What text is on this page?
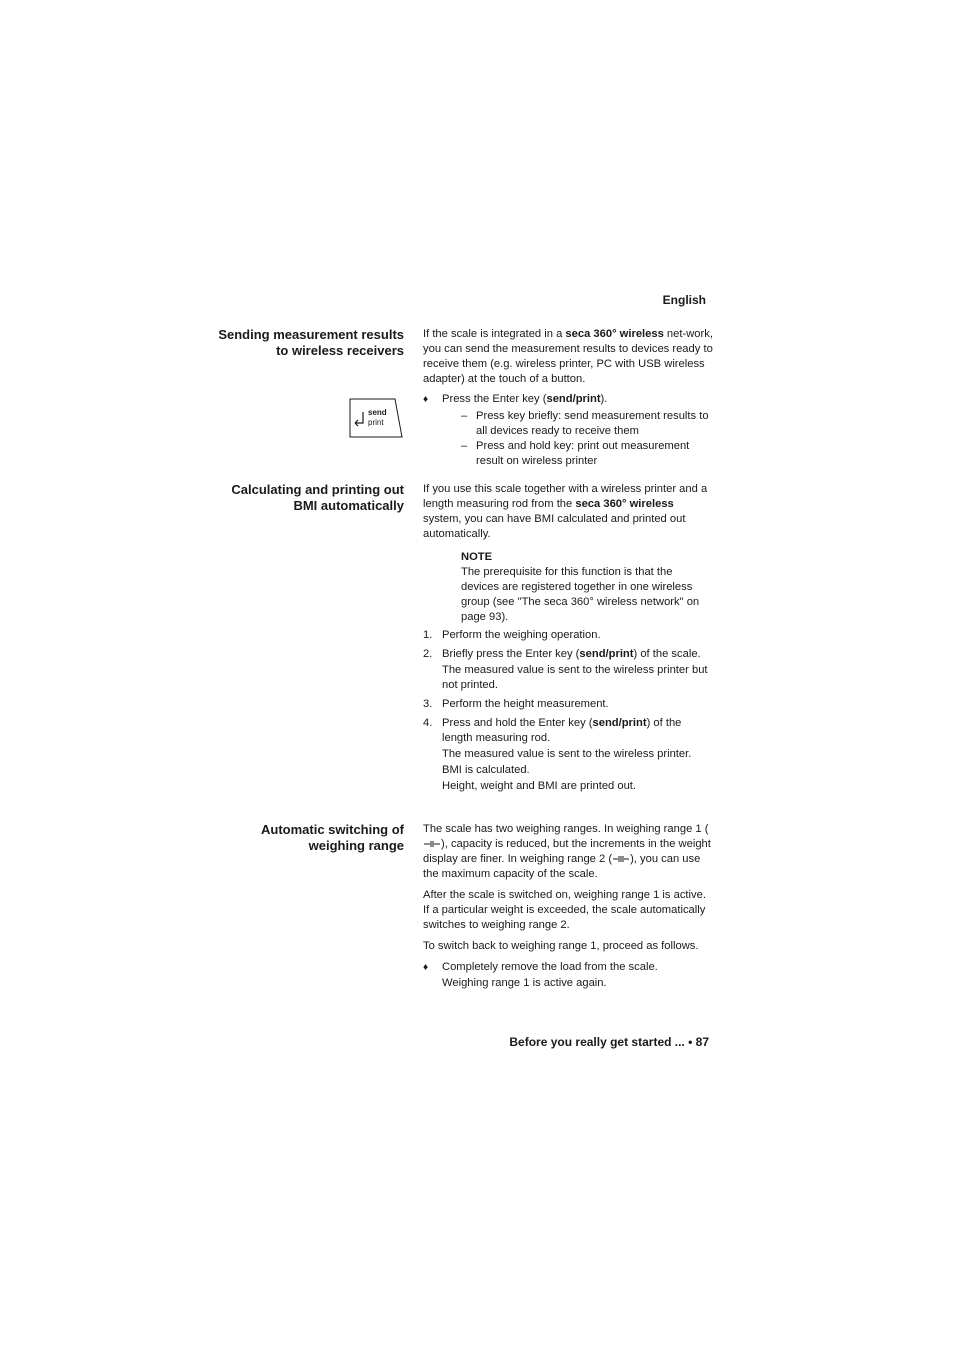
English
Sending measurement results to wireless receivers
send
print

If the scale is integrated in a seca 360° wireless net-work, you can send the measurement results to devices ready to receive them (e.g. wireless printer, PC with USB wireless adapter) at the touch of a button.

♦ Press the Enter key (send/print).
– Press key briefly: send measurement results to all devices ready to receive them
– Press and hold key: print out measurement result on wireless printer
Calculating and printing out BMI automatically

If you use this scale together with a wireless printer and a length measuring rod from the seca 360° wireless system, you can have BMI calculated and printed out automatically.

NOTE
The prerequisite for this function is that the devices are registered together in one wireless group (see "The seca 360° wireless network" on page 93).
1. Perform the weighing operation.
2. Briefly press the Enter key (send/print) of the scale.
The measured value is sent to the wireless printer but not printed.
3. Perform the height measurement.
4. Press and hold the Enter key (send/print) of the length measuring rod.
The measured value is sent to the wireless printer.
BMI is calculated.
Height, weight and BMI are printed out.
Automatic switching of weighing range

The scale has two weighing ranges. In weighing range 1 (), capacity is reduced, but the increments in the weight display are finer. In weighing range 2 ( ), you can use the maximum capacity of the scale.

After the scale is switched on, weighing range 1 is active. If a particular weight is exceeded, the scale automatically switches to weighing range 2.

To switch back to weighing range 1, proceed as follows.

♦ Completely remove the load from the scale.
Weighing range 1 is active again.
Before you really get started ... • 87
